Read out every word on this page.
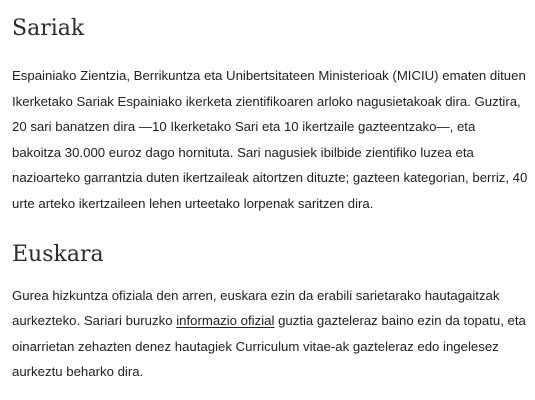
Sariak

Espainiako Zientzia, Berrikuntza eta Unibertsitateen Ministerioak (MICIU) ematen dituen Ikerketako Sariak Espainiako ikerketa zientifikoaren arloko nagusietakoak dira. Guztira, 20 sari banatzen dira —10 Ikerketako Sari eta 10 ikertzaile gazteentzako—, eta bakoitza 30.000 euroz dago hornituta. Sari nagusiek ibilbide zientifiko luzea eta nazioarteko garrantzia duten ikertzaileak aitortzen dituzte; gazteen kategorian, berriz, 40 urte arteko ikertzaileen lehen urteetako lorpenak saritzen dira.

Euskara

Gurea hizkuntza ofiziala den arren, euskara ezin da erabili sarietarako hautagaitzak aurkezteko. Sariari buruzko informazio ofizial guztia gazteleraz baino ezin da topatu, eta oinarrietan zehazten denez hautagiek Curriculum vitae-ak gazteleraz edo ingelesez aurkeztu beharko dira.
